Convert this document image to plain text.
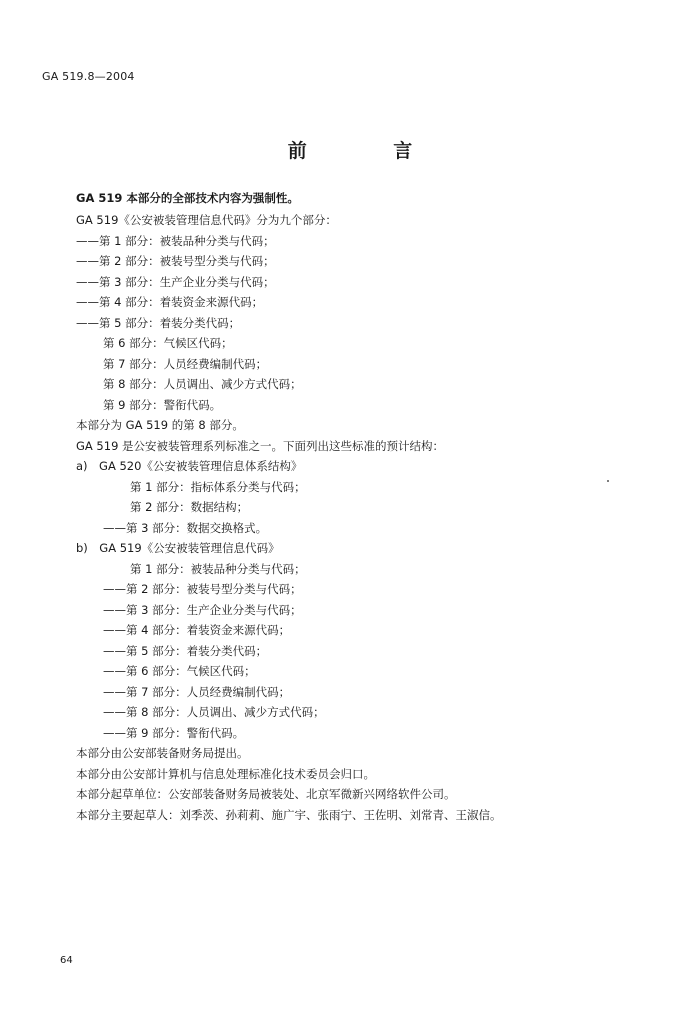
GA 519.8—2004
前 言
GA 519 本部分的全部技术内容为强制性。
GA 519《公安被装管理信息代码》分为九个部分：
——第 1 部分：被装品种分类与代码；
——第 2 部分：被装号型分类与代码；
——第 3 部分：生产企业分类与代码；
——第 4 部分：着装资金来源代码；
——第 5 部分：着装分类代码；
第 6 部分：气候区代码；
第 7 部分：人员经费编制代码；
第 8 部分：人员调出、减少方式代码；
第 9 部分：警衔代码。
本部分为 GA 519 的第 8 部分。
GA 519 是公安被装管理系列标准之一。下面列出这些标准的预计结构：
a)　GA 520《公安被装管理信息体系结构》
第 1 部分：指标体系分类与代码；
第 2 部分：数据结构；
——第 3 部分：数据交换格式。
b)　GA 519《公安被装管理信息代码》
第 1 部分：被装品种分类与代码；
——第 2 部分：被装号型分类与代码；
——第 3 部分：生产企业分类与代码；
——第 4 部分：着装资金来源代码；
——第 5 部分：着装分类代码；
——第 6 部分：气候区代码；
——第 7 部分：人员经费编制代码；
——第 8 部分：人员调出、减少方式代码；
——第 9 部分：警衔代码。
本部分由公安部装备财务局提出。
本部分由公安部计算机与信息处理标准化技术委员会归口。
本部分起草单位：公安部装备财务局被装处、北京军微新兴网络软件公司。
本部分主要起草人：刘季茨、孙莉莉、施广宇、张雨宁、王佐明、刘常青、王淑信。
64
